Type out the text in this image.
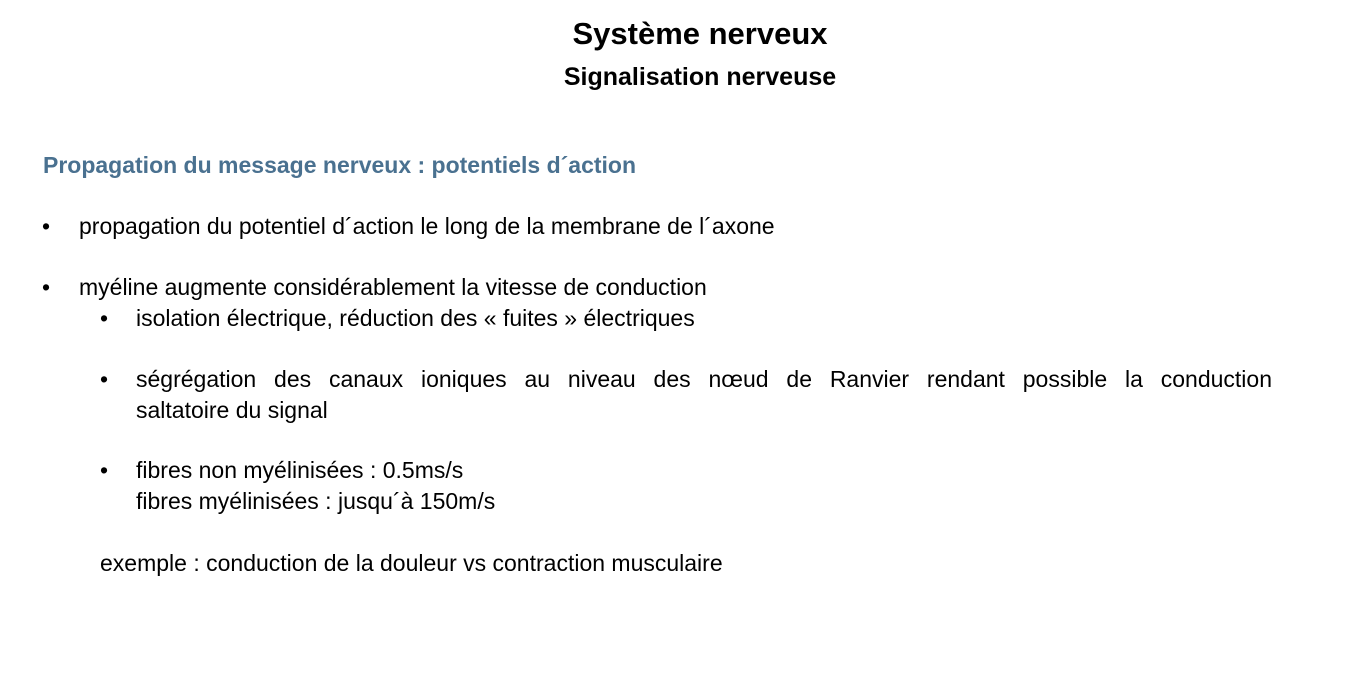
Système nerveux
Signalisation nerveuse
Propagation du message nerveux : potentiels d´action
• propagation du potentiel d´action le long de la membrane de l´axone
• myéline augmente considérablement la vitesse de conduction
• isolation électrique, réduction des « fuites » électriques
• ségrégation des canaux ioniques au niveau des nœud de Ranvier rendant possible la conduction
saltatoire du signal
• fibres non myélinisées : 0.5ms/s
fibres myélinisées : jusqu´à 150m/s
exemple : conduction de la douleur vs contraction musculaire
